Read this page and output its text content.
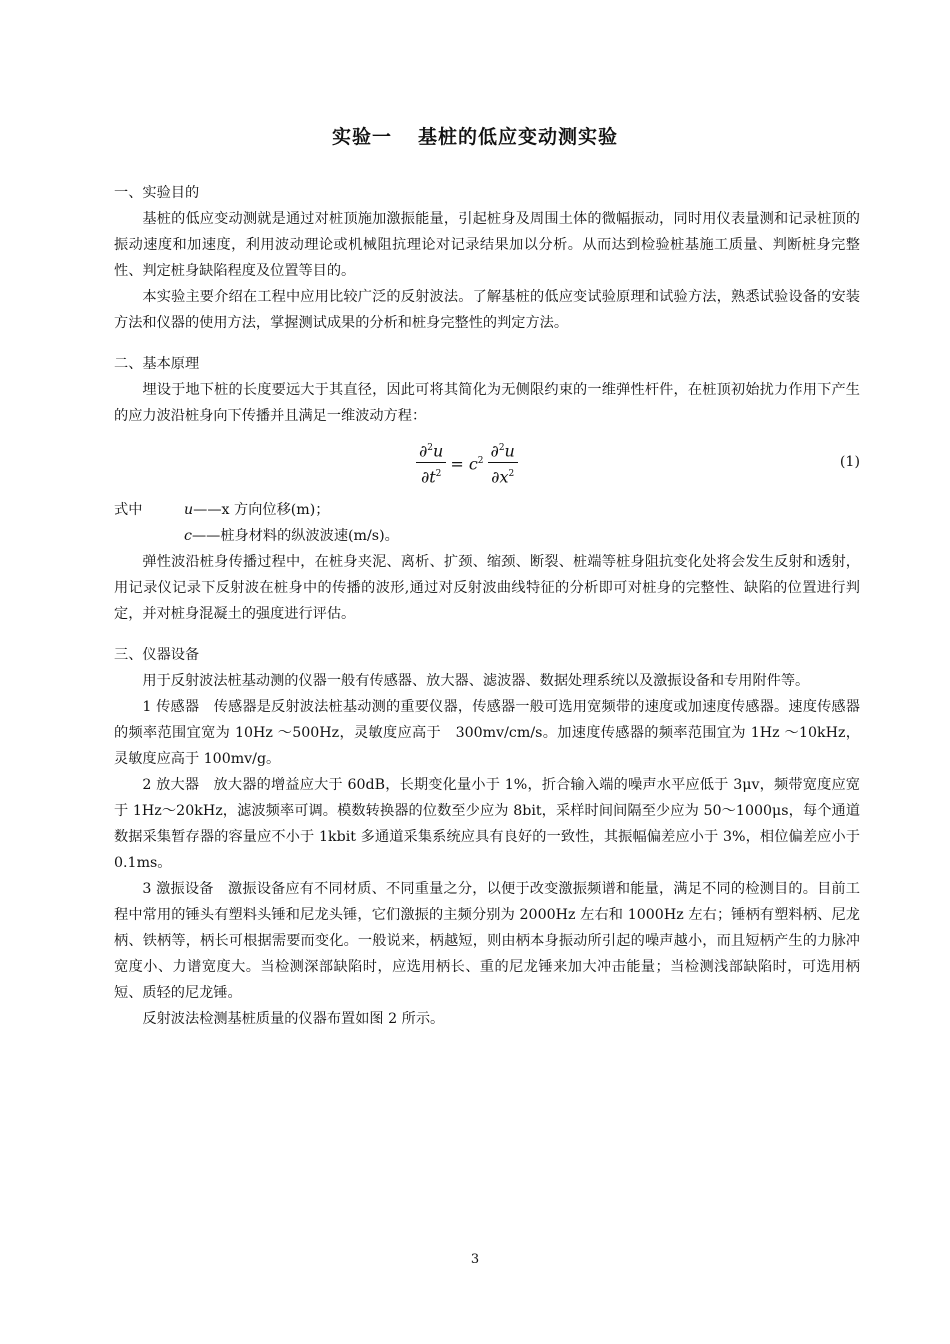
实验一 基桩的低应变动测实验

一、实验目的

基桩的低应变动测就是通过对桩顶施加激振能量，引起桩身及周围土体的微幅振动，同时用仪表量测和记录桩顶的振动速度和加速度，利用波动理论或机械阻抗理论对记录结果加以分析。从而达到检验桩基施工质量、判断桩身完整性、判定桩身缺陷程度及位置等目的。

本实验主要介绍在工程中应用比较广泛的反射波法。了解基桩的低应变试验原理和试验方法，熟悉试验设备的安装方法和仪器的使用方法，掌握测试成果的分析和桩身完整性的判定方法。

二、基本原理

埋设于地下桩的长度要远大于其直径，因此可将其简化为无侧限约束的一维弹性杆件，在桩顶初始扰力作用下产生的应力波沿桩身向下传播并且满足一维波动方程：

$\frac{\partial^2u}{\partial t^2} = c^2 \frac{\partial^2u}{\partial x^2}$	(1)
式中	u——x 方向位移(m)；
c——桩身材料的纵波波速(m/s)。

弹性波沿桩身传播过程中，在桩身夹泥、离析、扩颈、缩颈、断裂、桩端等桩身阻抗变化处将会发生反射和透射，用记录仪记录下反射波在桩身中的传播的波形,通过对反射波曲线特征的分析即可对桩身的完整性、缺陷的位置进行判定，并对桩身混凝土的强度进行评估。

三、仪器设备

用于反射波法桩基动测的仪器一般有传感器、放大器、滤波器、数据处理系统以及激振设备和专用附件等。

1 传感器　传感器是反射波法桩基动测的重要仪器，传感器一般可选用宽频带的速度或加速度传感器。速度传感器的频率范围宜宽为 10Hz ～500Hz，灵敏度应高于　300mv/cm/s。加速度传感器的频率范围宜为 1Hz ～10kHz，灵敏度应高于 100mv/g。

2 放大器　放大器的增益应大于 60dB，长期变化量小于 1%，折合输入端的噪声水平应低于 3μv，频带宽度应宽于 1Hz～20kHz，滤波频率可调。模数转换器的位数至少应为 8bit，采样时间间隔至少应为 50～1000μs，每个通道数据采集暂存器的容量应不小于 1kbit 多通道采集系统应具有良好的一致性，其振幅偏差应小于 3%，相位偏差应小于 0.1ms。

3 激振设备　激振设备应有不同材质、不同重量之分，以便于改变激振频谱和能量，满足不同的检测目的。目前工程中常用的锤头有塑料头锤和尼龙头锤，它们激振的主频分别为 2000Hz 左右和 1000Hz 左右；锤柄有塑料柄、尼龙柄、铁柄等，柄长可根据需要而变化。一般说来，柄越短，则由柄本身振动所引起的噪声越小，而且短柄产生的力脉冲宽度小、力谱宽度大。当检测深部缺陷时，应选用柄长、重的尼龙锤来加大冲击能量；当检测浅部缺陷时，可选用柄短、质轻的尼龙锤。

反射波法检测基桩质量的仪器布置如图 2 所示。

3
